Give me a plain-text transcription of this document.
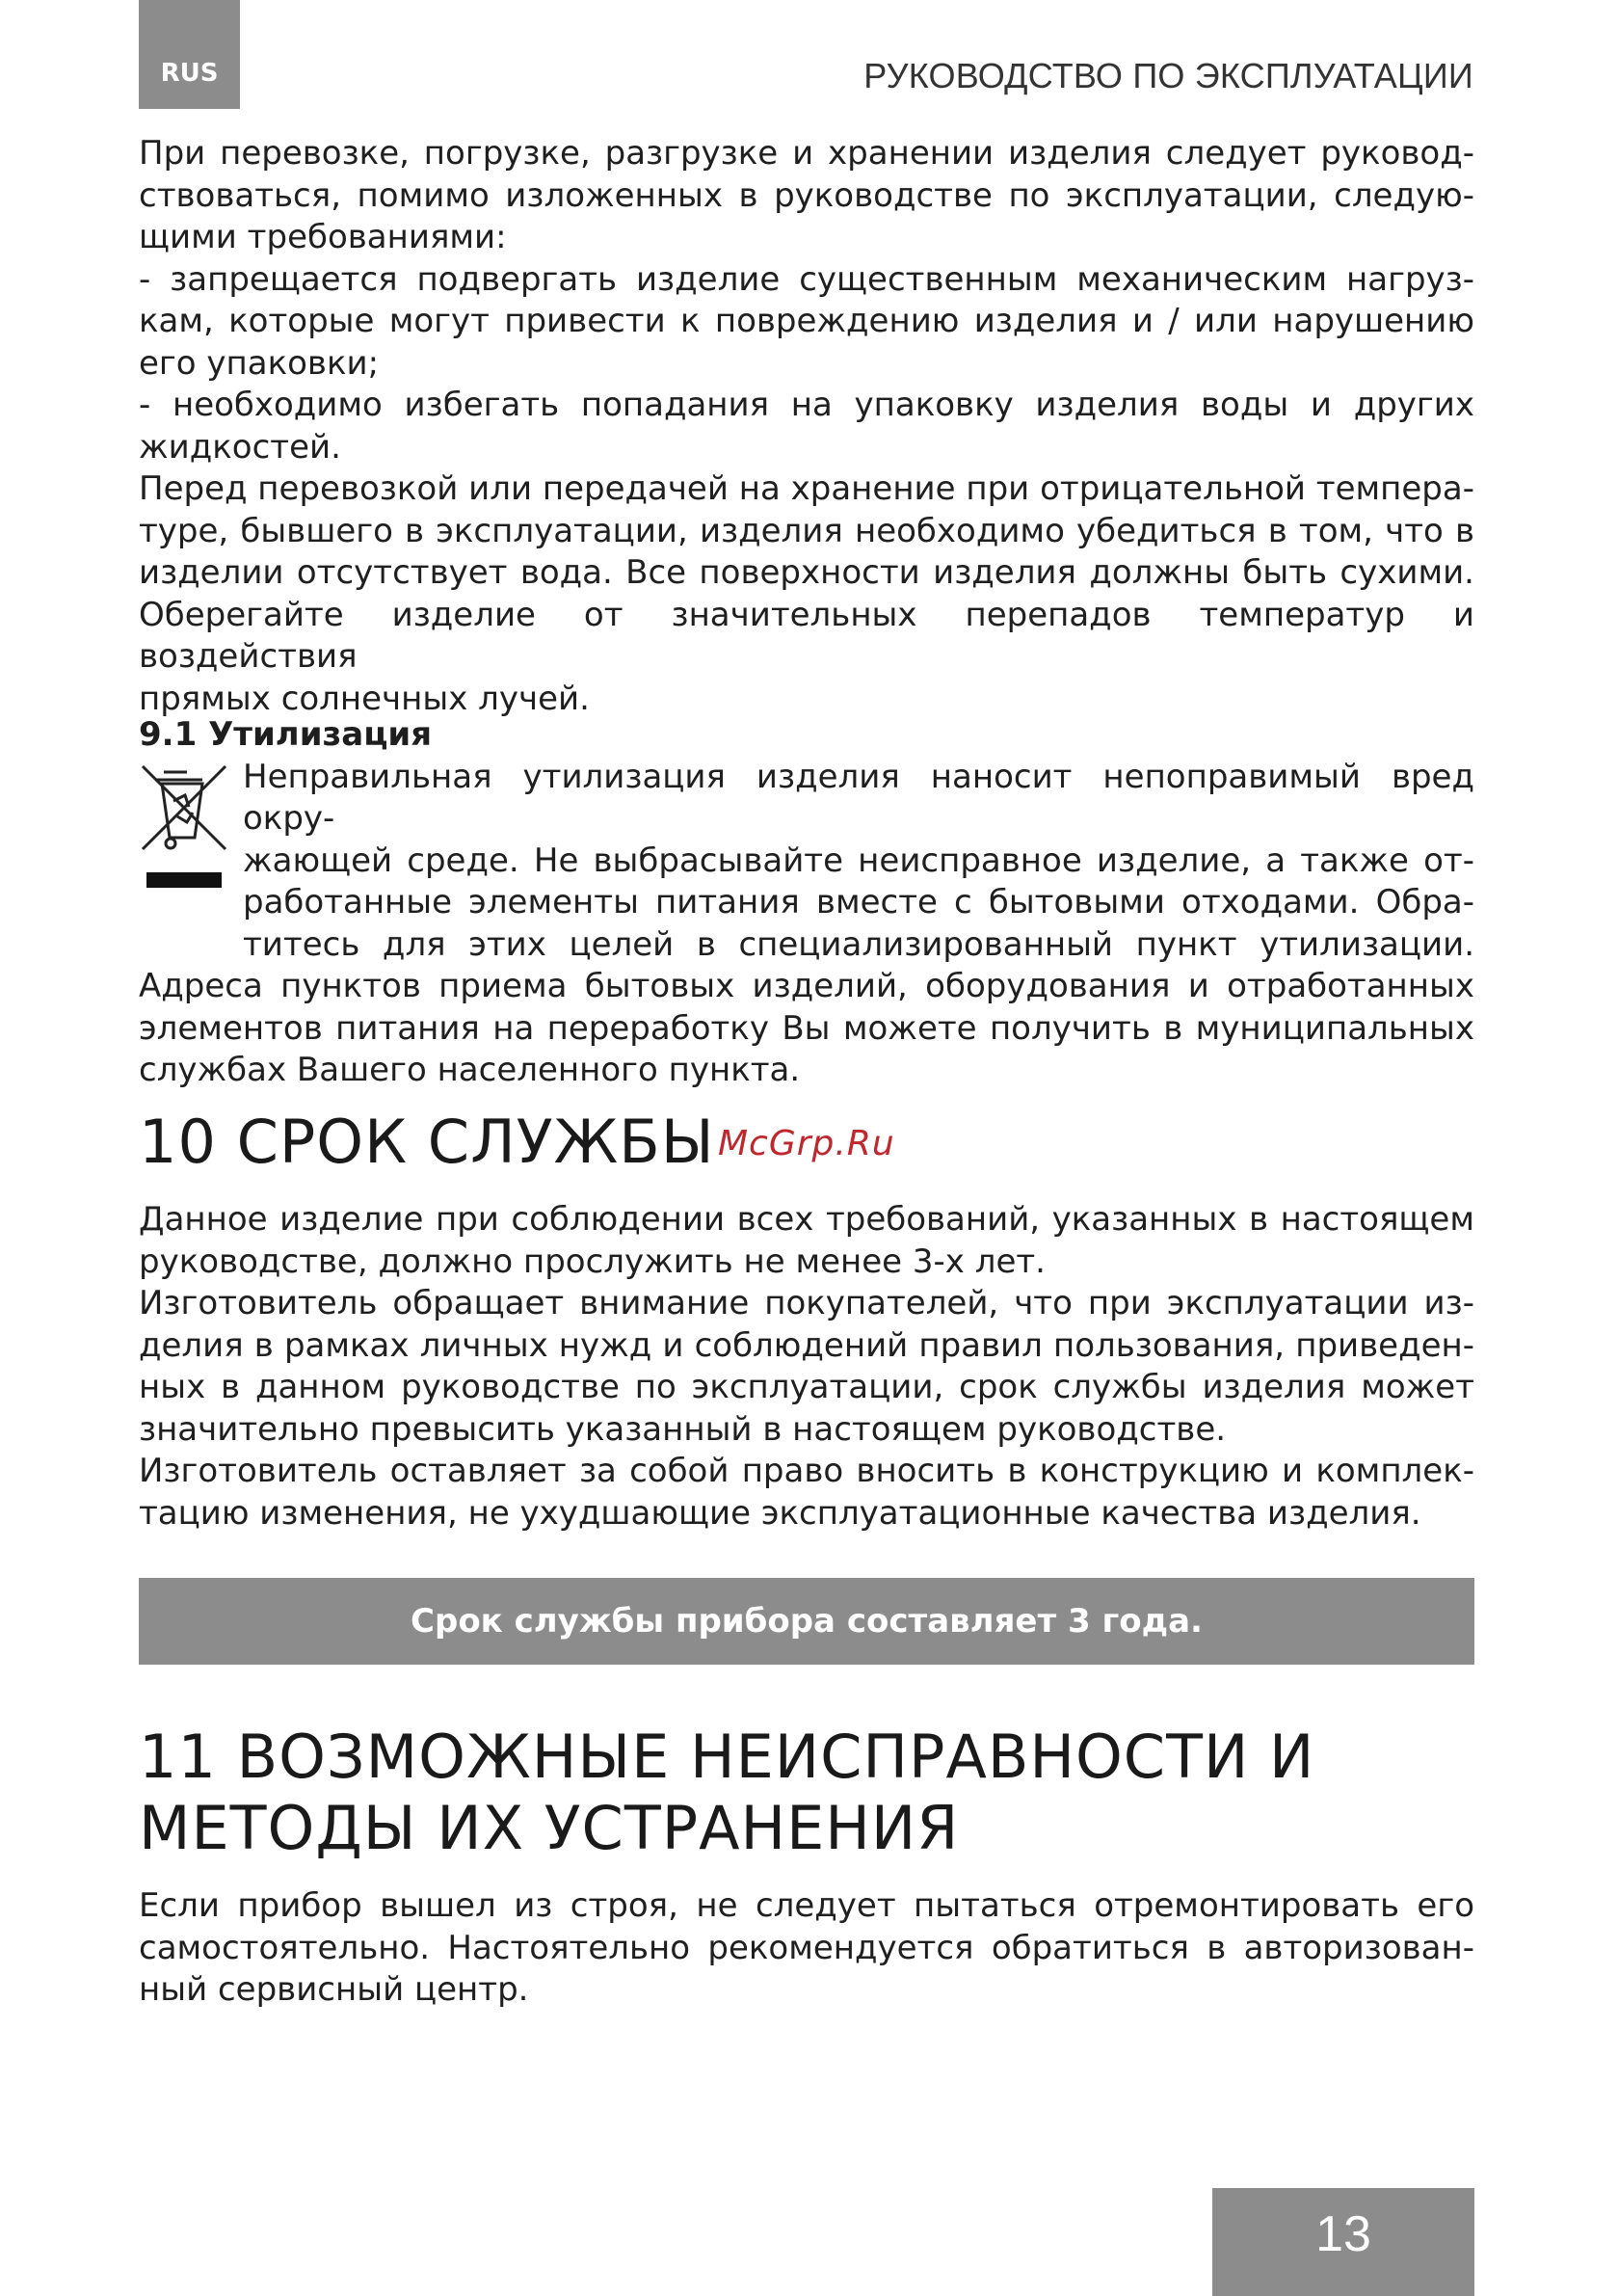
RUS	РУКОВОДСТВО ПО ЭКСПЛУАТАЦИИ

При перевозке, погрузке, разгрузке и хранении изделия следует руковод-

ствоваться, помимо изложенных в руководстве по эксплуатации, следую-

щими требованиями:

- запрещается подвергать изделие существенным механическим нагруз-

кам, которые могут привести к повреждению изделия и / или нарушению

его упаковки;

- необходимо избегать попадания на упаковку изделия воды и других

жидкостей.

Перед перевозкой или передачей на хранение при отрицательной темпера-

туре, бывшего в эксплуатации, изделия необходимо убедиться в том, что в

изделии отсутствует вода. Все поверхности изделия должны быть сухими.

Оберегайте изделие от значительных перепадов температур и воздействия

прямых солнечных лучей.

9.1 Утилизация

Неправильная утилизация изделия наносит непоправимый вред окру-

жающей среде. Не выбрасывайте неисправное изделие, а также от-

работанные элементы питания вместе с бытовыми отходами. Обра-

титесь для этих целей в специализированный пункт утилизации.

Адреса пунктов приема бытовых изделий, оборудования и отработанных

элементов питания на переработку Вы можете получить в муниципальных

службах Вашего населенного пункта.

10 СРОК СЛУЖБЫ McGrp.Ru

Данное изделие при соблюдении всех требований, указанных в настоящем

руководстве, должно прослужить не менее 3-х лет.

Изготовитель обращает внимание покупателей, что при эксплуатации из-

делия в рамках личных нужд и соблюдений правил пользования, приведен-

ных в данном руководстве по эксплуатации, срок службы изделия может

значительно превысить указанный в настоящем руководстве.

Изготовитель оставляет за собой право вносить в конструкцию и комплек-

тацию изменения, не ухудшающие эксплуатационные качества изделия.

Срок службы прибора составляет 3 года.
11 ВОЗМОЖНЫЕ НЕИСПРАВНОСТИ И
МЕТОДЫ ИХ УСТРАНЕНИЯ

Если прибор вышел из строя, не следует пытаться отремонтировать его

самостоятельно. Настоятельно рекомендуется обратиться в авторизован-

ный сервисный центр.

13
